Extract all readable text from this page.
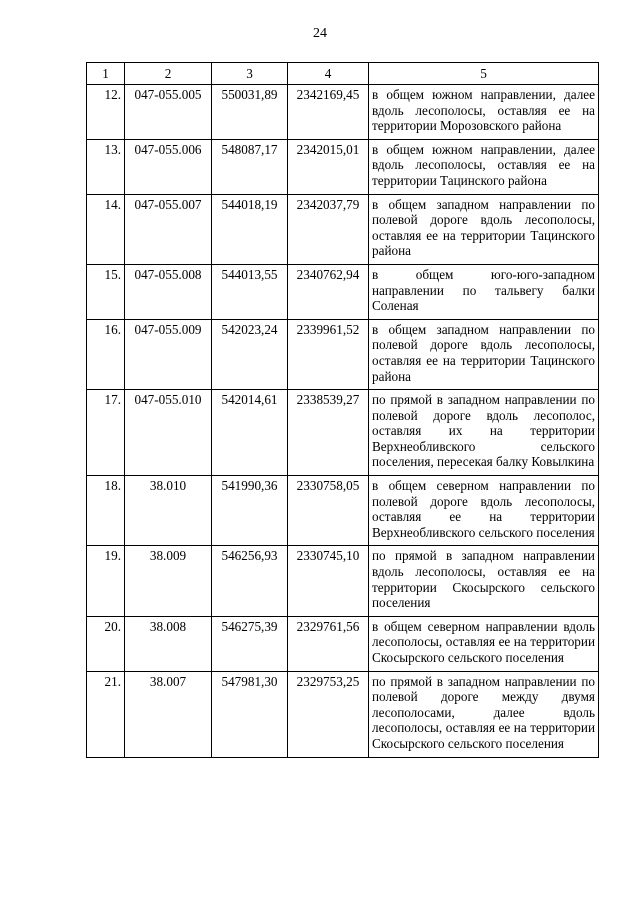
24
1	2	3	4	5
12.	047-055.005	550031,89	2342169,45	в общем южном направлении, далее вдоль лесополосы, оставляя ее на территории Морозовского района
13.	047-055.006	548087,17	2342015,01	в общем южном направлении, далее вдоль лесополосы, оставляя ее на территории Тацинского района
14.	047-055.007	544018,19	2342037,79	в общем западном направлении по полевой дороге вдоль лесополосы, оставляя ее на территории Тацинского района
15.	047-055.008	544013,55	2340762,94	в общем юго-юго-западном направлении по тальвегу балки Соленая
16.	047-055.009	542023,24	2339961,52	в общем западном направлении по полевой дороге вдоль лесополосы, оставляя ее на территории Тацинского района
17.	047-055.010	542014,61	2338539,27	по прямой в западном направлении по полевой дороге вдоль лесополос, оставляя их на территории Верхнеобливского сельского поселения, пересекая балку Ковылкина
18.	38.010	541990,36	2330758,05	в общем северном направлении по полевой дороге вдоль лесополосы, оставляя ее на территории Верхнеобливского сельского поселения
19.	38.009	546256,93	2330745,10	по прямой в западном направлении вдоль лесополосы, оставляя ее на территории Скосырского сельского поселения
20.	38.008	546275,39	2329761,56	в общем северном направлении вдоль лесополосы, оставляя ее на территории Скосырского сельского поселения
21.	38.007	547981,30	2329753,25	по прямой в западном направлении по полевой дороге между двумя лесополосами, далее вдоль лесополосы, оставляя ее на территории Скосырского сельского поселения
